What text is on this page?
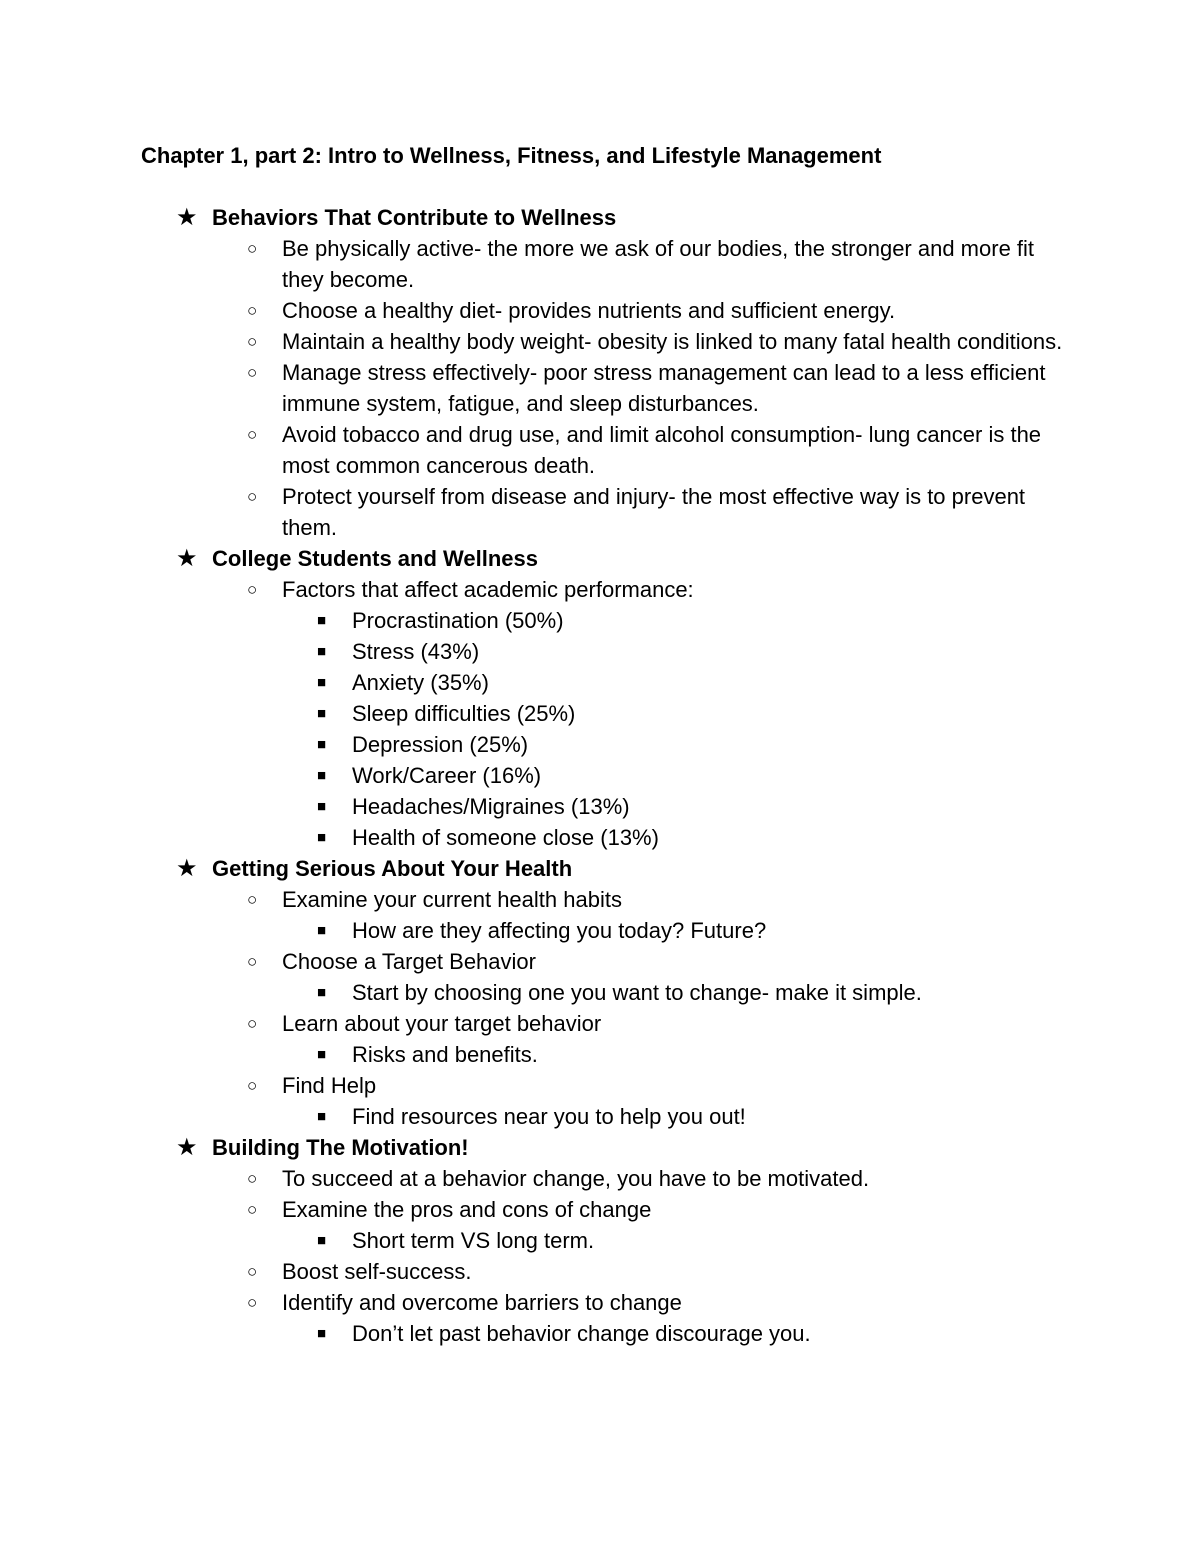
Chapter 1, part 2: Intro to Wellness, Fitness, and Lifestyle Management
★ Behaviors That Contribute to Wellness
○ Be physically active- the more we ask of our bodies, the stronger and more fit they become.
○ Choose a healthy diet- provides nutrients and sufficient energy.
○ Maintain a healthy body weight- obesity is linked to many fatal health conditions.
○ Manage stress effectively- poor stress management can lead to a less efficient immune system, fatigue, and sleep disturbances.
○ Avoid tobacco and drug use, and limit alcohol consumption- lung cancer is the most common cancerous death.
○ Protect yourself from disease and injury- the most effective way is to prevent them.
★ College Students and Wellness
○ Factors that affect academic performance:
■ Procrastination (50%)
■ Stress (43%)
■ Anxiety (35%)
■ Sleep difficulties (25%)
■ Depression (25%)
■ Work/Career (16%)
■ Headaches/Migraines (13%)
■ Health of someone close (13%)
★ Getting Serious About Your Health
○ Examine your current health habits
■ How are they affecting you today? Future?
○ Choose a Target Behavior
■ Start by choosing one you want to change- make it simple.
○ Learn about your target behavior
■ Risks and benefits.
○ Find Help
■ Find resources near you to help you out!
★ Building The Motivation!
○ To succeed at a behavior change, you have to be motivated.
○ Examine the pros and cons of change
■ Short term VS long term.
○ Boost self-success.
○ Identify and overcome barriers to change
■ Don’t let past behavior change discourage you.
